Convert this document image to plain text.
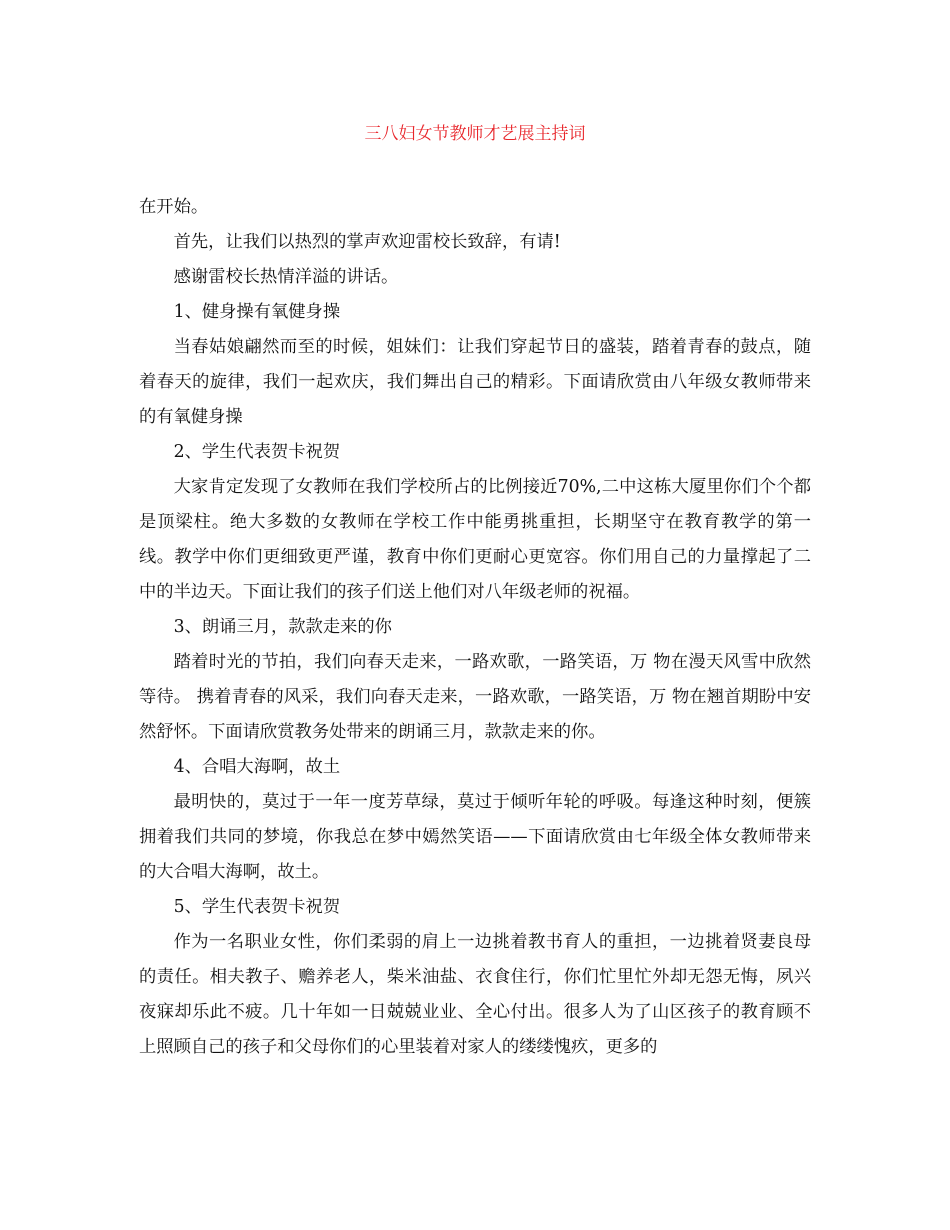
三八妇女节教师才艺展主持词

在开始。

首先，让我们以热烈的掌声欢迎雷校长致辞，有请!

感谢雷校长热情洋溢的讲话。

1、健身操有氧健身操

当春姑娘翩然而至的时候，姐妹们：让我们穿起节日的盛装，踏着青春的鼓点，随着春天的旋律，我们一起欢庆，我们舞出自己的精彩。下面请欣赏由八年级女教师带来的有氧健身操

2、学生代表贺卡祝贺

大家肯定发现了女教师在我们学校所占的比例接近70%,二中这栋大厦里你们个个都是顶梁柱。绝大多数的女教师在学校工作中能勇挑重担，长期坚守在教育教学的第一线。教学中你们更细致更严谨，教育中你们更耐心更宽容。你们用自己的力量撑起了二中的半边天。下面让我们的孩子们送上他们对八年级老师的祝福。

3、朗诵三月，款款走来的你

踏着时光的节拍，我们向春天走来，一路欢歌，一路笑语，万 物在漫天风雪中欣然等待。 携着青春的风采，我们向春天走来，一路欢歌，一路笑语，万 物在翘首期盼中安然舒怀。下面请欣赏教务处带来的朗诵三月，款款走来的你。

4、合唱大海啊，故土

最明快的，莫过于一年一度芳草绿，莫过于倾听年轮的呼吸。每逢这种时刻，便簇拥着我们共同的梦境，你我总在梦中嫣然笑语——下面请欣赏由七年级全体女教师带来的大合唱大海啊，故土。

5、学生代表贺卡祝贺

作为一名职业女性，你们柔弱的肩上一边挑着教书育人的重担，一边挑着贤妻良母的责任。相夫教子、赡养老人，柴米油盐、衣食住行，你们忙里忙外却无怨无悔，夙兴夜寐却乐此不疲。几十年如一日兢兢业业、全心付出。很多人为了山区孩子的教育顾不上照顾自己的孩子和父母你们的心里装着对家人的缕缕愧疚，更多的
